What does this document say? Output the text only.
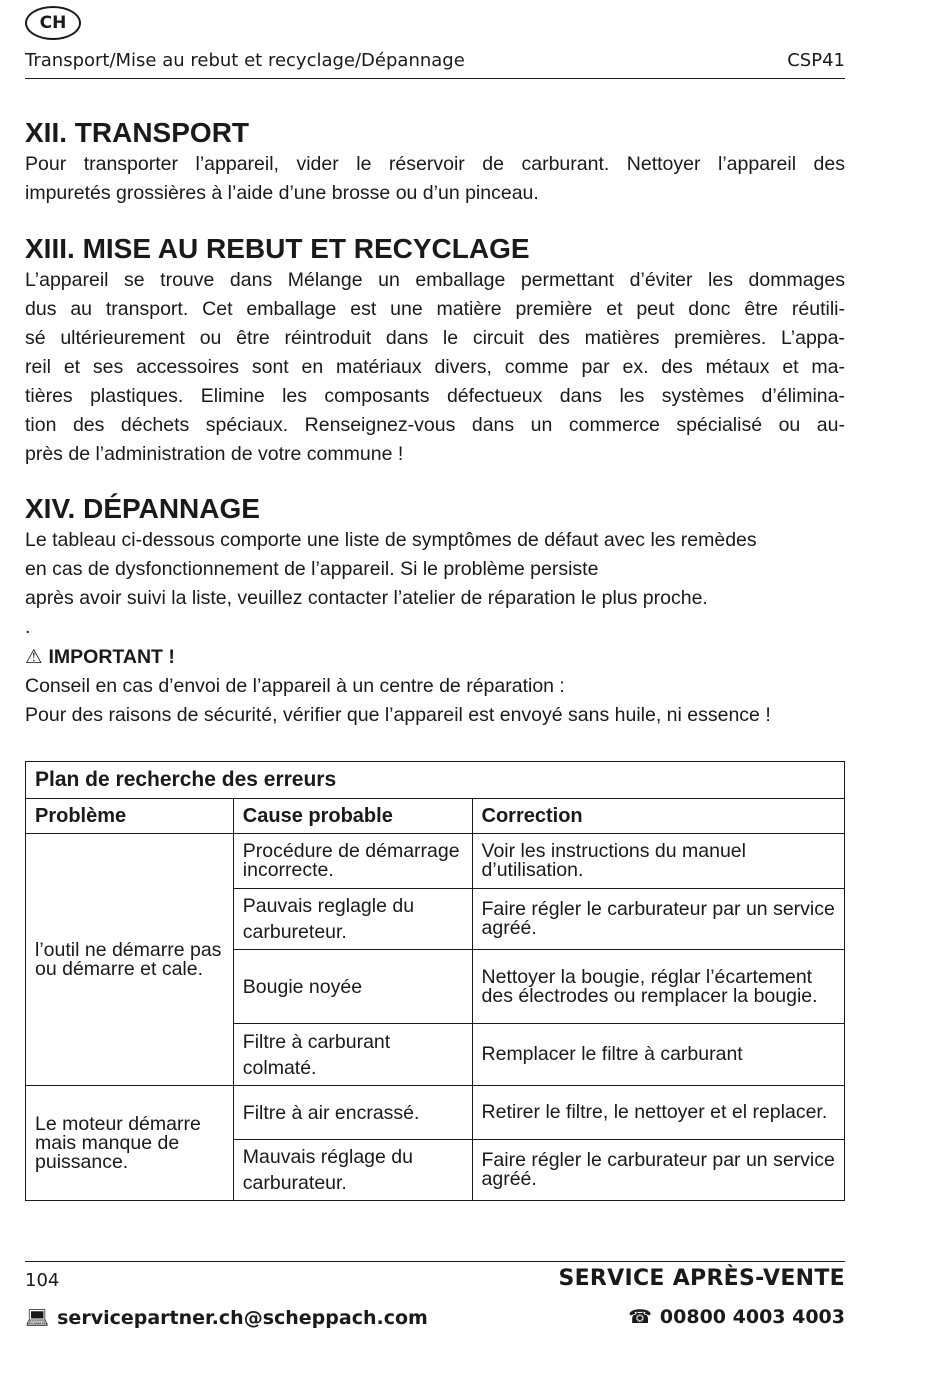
CH
Transport/Mise au rebut et recyclage/Dépannage	CSP41
XII. TRANSPORT

Pour transporter l’appareil, vider le réservoir de carburant. Nettoyer l’appareil des
impuretés grossières à l’aide d’une brosse ou d’un pinceau.

XIII. MISE AU REBUT ET RECYCLAGE

L’appareil se trouve dans Mélange un emballage permettant d’éviter les dommages
dus au transport. Cet emballage est une matière première et peut donc être réutili-
sé ultérieurement ou être réintroduit dans le circuit des matières premières. L’appa-
reil et ses accessoires sont en matériaux divers, comme par ex. des métaux et ma-
tières plastiques. Elimine les composants défectueux dans les systèmes d’élimina-
tion des déchets spéciaux. Renseignez-vous dans un commerce spécialisé ou au-
près de l’administration de votre commune !

XIV. DÉPANNAGE

Le tableau ci-dessous comporte une liste de symptômes de défaut avec les remèdes
en cas de dysfonctionnement de l’appareil. Si le problème persiste
après avoir suivi la liste, veuillez contacter l’atelier de réparation le plus proche.
.

⚠ IMPORTANT !

Conseil en cas d’envoi de l’appareil à un centre de réparation :
Pour des raisons de sécurité, vérifier que l’appareil est envoyé sans huile, ni essence !

Plan de recherche des erreurs		
Problème	Cause probable	Correction
l’outil ne démarre pas ou démarre et cale.	Procédure de démarrage incorrecte.	Voir les instructions du manuel d’utilisation.
	Pauvais reglagle du carbureteur.	Faire régler le carburateur par un service agréé.
	Bougie noyée	Nettoyer la bougie, réglar l’écartement des électrodes ou remplacer la bougie.
	Filtre à carburant colmaté.	Remplacer le filtre à carburant
Le moteur démarre mais manque de puissance.	Filtre à air encrassé.	Retirer le filtre, le nettoyer et el replacer.
	Mauvais réglage du carburateur.	Faire régler le carburateur par un service agréé.
104	SERVICE APRÈS-VENTE
💻︎ servicepartner.ch@scheppach.com	☎ 00800 4003 4003
